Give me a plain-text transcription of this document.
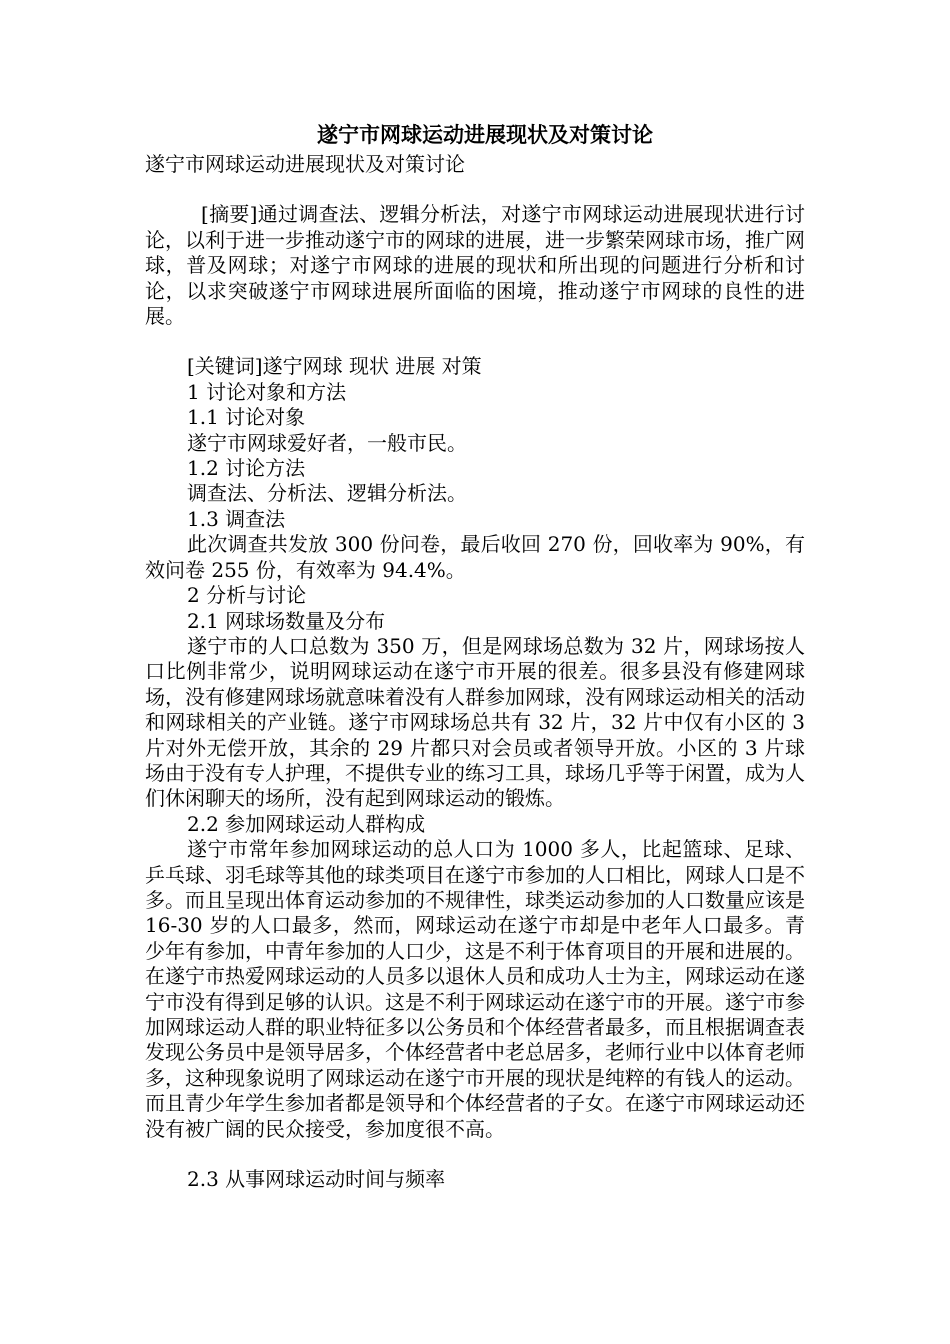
遂宁市网球运动进展现状及对策讨论

遂宁市网球运动进展现状及对策讨论

[摘要]通过调查法、逻辑分析法，对遂宁市网球运动进展现状进行讨论，以利于进一步推动遂宁市的网球的进展，进一步繁荣网球市场，推广网球，普及网球；对遂宁市网球的进展的现状和所出现的问题进行分析和讨论，以求突破遂宁市网球进展所面临的困境，推动遂宁市网球的良性的进展。

[关键词]遂宁网球 现状 进展 对策

1 讨论对象和方法

1.1 讨论对象

遂宁市网球爱好者，一般市民。

1.2 讨论方法

调查法、分析法、逻辑分析法。

1.3 调查法

此次调查共发放 300 份问卷，最后收回 270 份，回收率为 90%，有效问卷 255 份，有效率为 94.4%。

2 分析与讨论

2.1 网球场数量及分布

遂宁市的人口总数为 350 万，但是网球场总数为 32 片，网球场按人口比例非常少，说明网球运动在遂宁市开展的很差。很多县没有修建网球场，没有修建网球场就意味着没有人群参加网球，没有网球运动相关的活动和网球相关的产业链。遂宁市网球场总共有 32 片，32 片中仅有小区的 3 片对外无偿开放，其余的 29 片都只对会员或者领导开放。小区的 3 片球场由于没有专人护理，不提供专业的练习工具，球场几乎等于闲置，成为人们休闲聊天的场所，没有起到网球运动的锻炼。

2.2 参加网球运动人群构成

遂宁市常年参加网球运动的总人口为 1000 多人，比起篮球、足球、乒乓球、羽毛球等其他的球类项目在遂宁市参加的人口相比，网球人口是不多。而且呈现出体育运动参加的不规律性，球类运动参加的人口数量应该是 16-30 岁的人口最多，然而，网球运动在遂宁市却是中老年人口最多。青少年有参加，中青年参加的人口少，这是不利于体育项目的开展和进展的。在遂宁市热爱网球运动的人员多以退休人员和成功人士为主，网球运动在遂宁市没有得到足够的认识。这是不利于网球运动在遂宁市的开展。遂宁市参加网球运动人群的职业特征多以公务员和个体经营者最多，而且根据调查表发现公务员中是领导居多，个体经营者中老总居多，老师行业中以体育老师多，这种现象说明了网球运动在遂宁市开展的现状是纯粹的有钱人的运动。而且青少年学生参加者都是领导和个体经营者的子女。在遂宁市网球运动还没有被广阔的民众接受，参加度很不高。

2.3 从事网球运动时间与频率
